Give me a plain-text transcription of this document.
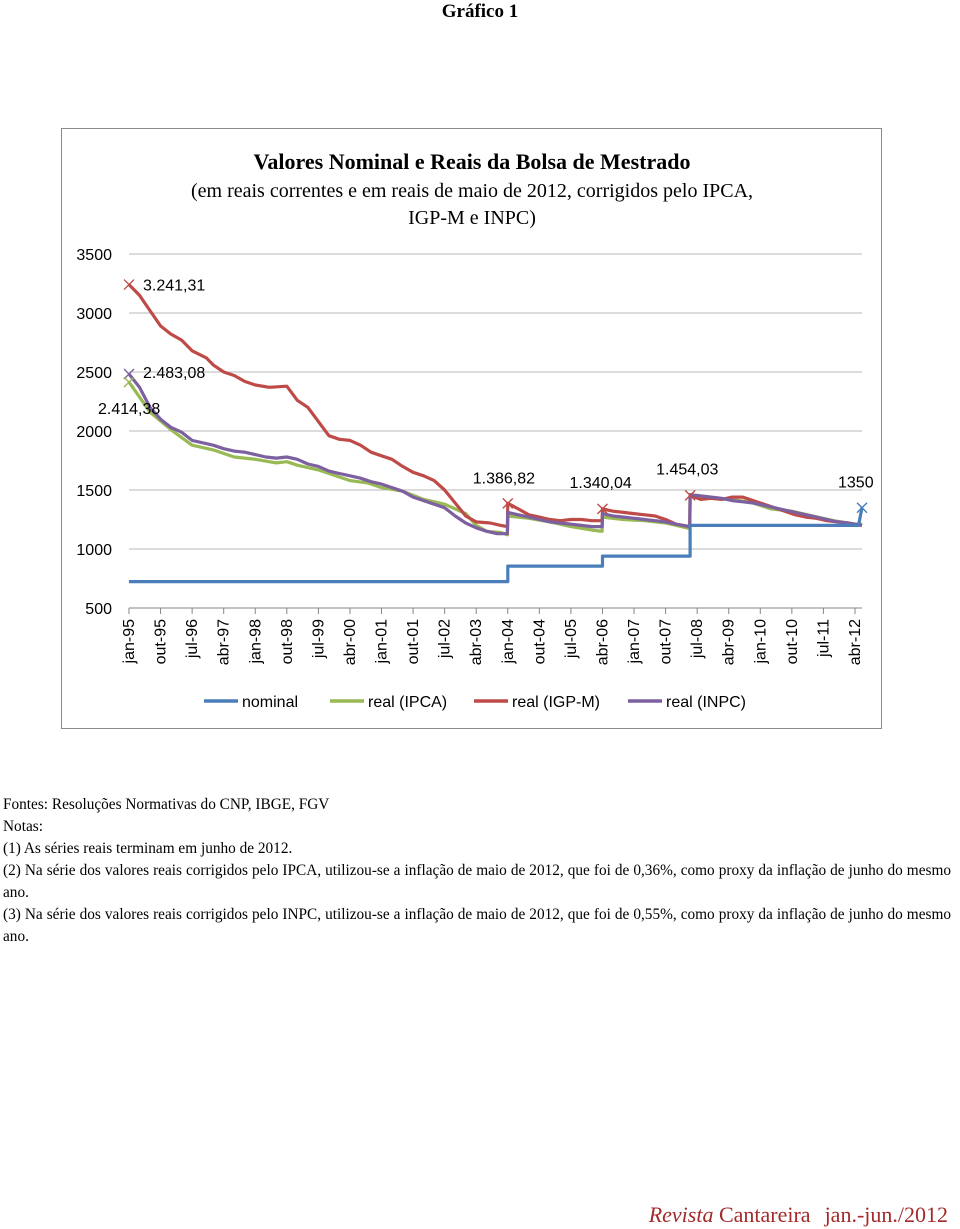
Gráfico 1
Valores Nominal e Reais da Bolsa de Mestrado
(em reais correntes e em reais de maio de 2012, corrigidos pelo IPCA,
IGP-M e INPC)
500
1000
1500
2000
2500
3000
3500
jan-95 out-95 jul-96 abr-97 jan-98 out-98 jul-99 abr-00 jan-01 out-01 jul-02 abr-03 jan-04 out-04 jul-05 abr-06 jan-07 out-07 jul-08 abr-09 jan-10 out-10 jul-11 abr-12
3.241,31
2.483,08
2.414,38
1.386,82 1.340,04
1.454,03
1350
nominal	real (IPCA)	real (IGP-M)	real (INPC)

Fontes: Resoluções Normativas do CNP, IBGE, FGV

Notas:

(1) As séries reais terminam em junho de 2012.

(2) Na série dos valores reais corrigidos pelo IPCA, utilizou-se a inflação de maio de 2012, que foi de 0,36%, como proxy da inflação de junho do mesmo ano.

(3) Na série dos valores reais corrigidos pelo INPC, utilizou-se a inflação de maio de 2012, que foi de 0,55%, como proxy da inflação de junho do mesmo ano.

Revista Cantareira jan.-jun./2012
